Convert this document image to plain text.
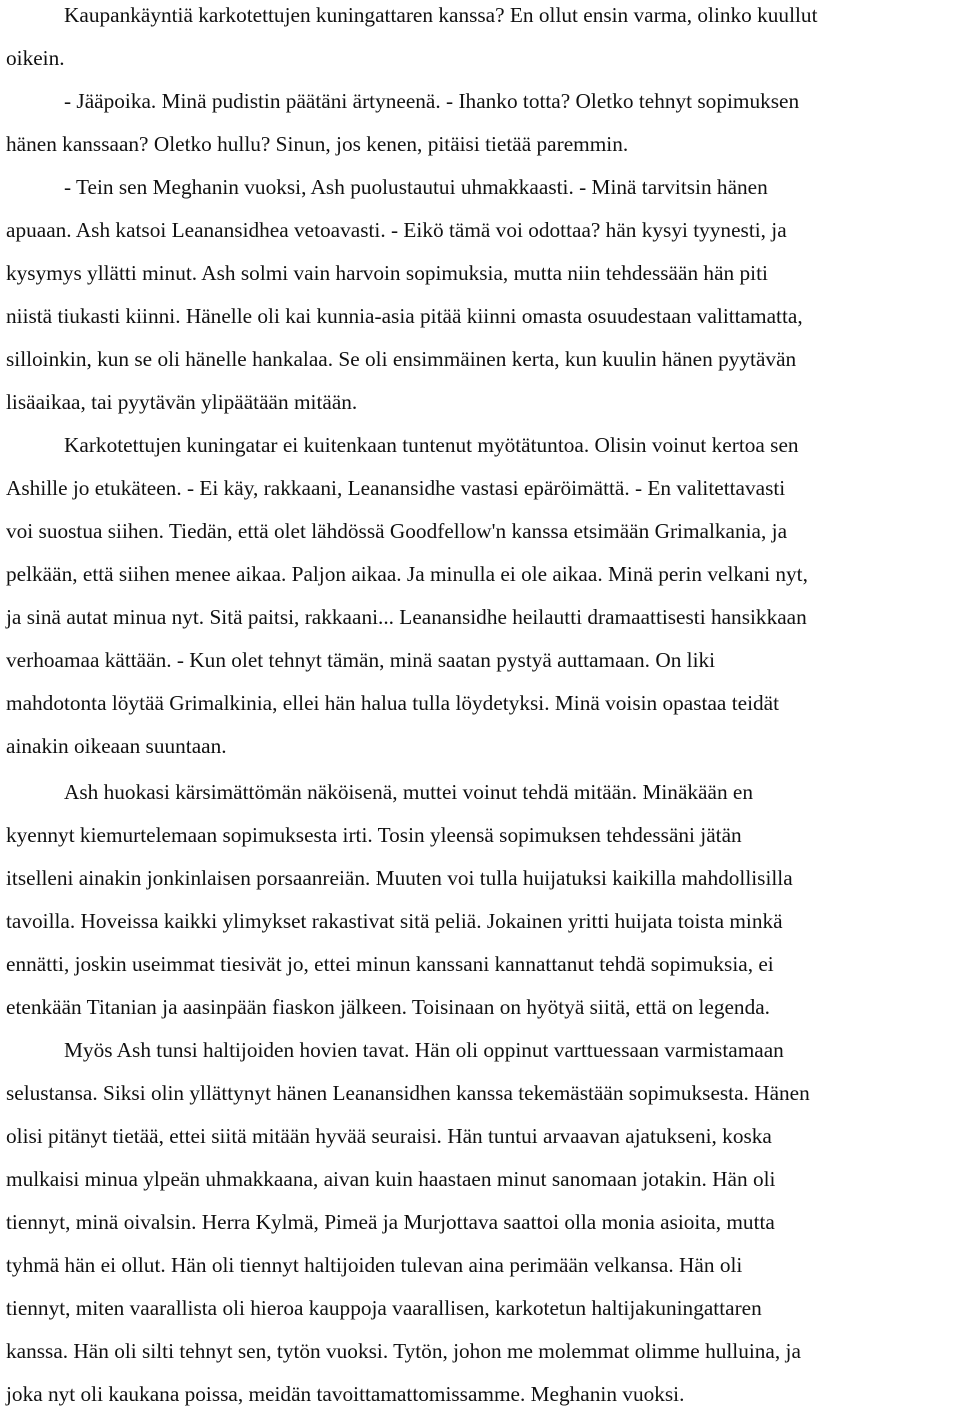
Kaupankäyntiä karkotettujen kuningattaren kanssa? En ollut ensin varma, olinko kuullut
oikein.
- Jääpoika. Minä pudistin päätäni ärtyneenä. - Ihanko totta? Oletko tehnyt sopimuksen
hänen kanssaan? Oletko hullu? Sinun, jos kenen, pitäisi tietää paremmin.
- Tein sen Meghanin vuoksi, Ash puolustautui uhmakkaasti. - Minä tarvitsin hänen
apuaan. Ash katsoi Leanansidhea vetoavasti. - Eikö tämä voi odottaa? hän kysyi tyynesti, ja
kysymys yllätti minut. Ash solmi vain harvoin sopimuksia, mutta niin tehdessään hän piti
niistä tiukasti kiinni. Hänelle oli kai kunnia-asia pitää kiinni omasta osuudestaan valittamatta,
silloinkin, kun se oli hänelle hankalaa. Se oli ensimmäinen kerta, kun kuulin hänen pyytävän
lisäaikaa, tai pyytävän ylipäätään mitään.
Karkotettujen kuningatar ei kuitenkaan tuntenut myötätuntoa. Olisin voinut kertoa sen
Ashille jo etukäteen. - Ei käy, rakkaani, Leanansidhe vastasi epäröimättä. - En valitettavasti
voi suostua siihen. Tiedän, että olet lähdössä Goodfellow'n kanssa etsimään Grimalkania, ja
pelkään, että siihen menee aikaa. Paljon aikaa. Ja minulla ei ole aikaa. Minä perin velkani nyt,
ja sinä autat minua nyt. Sitä paitsi, rakkaani... Leanansidhe heilautti dramaattisesti hansikkaan
verhoamaa kättään. - Kun olet tehnyt tämän, minä saatan pystyä auttamaan. On liki
mahdotonta löytää Grimalkinia, ellei hän halua tulla löydetyksi. Minä voisin opastaa teidät
ainakin oikeaan suuntaan.
Ash huokasi kärsimättömän näköisenä, muttei voinut tehdä mitään. Minäkään en
kyennyt kiemurtelemaan sopimuksesta irti. Tosin yleensä sopimuksen tehdessäni jätän
itselleni ainakin jonkinlaisen porsaanreiän. Muuten voi tulla huijatuksi kaikilla mahdollisilla
tavoilla. Hoveissa kaikki ylimykset rakastivat sitä peliä. Jokainen yritti huijata toista minkä
ennätti, joskin useimmat tiesivät jo, ettei minun kanssani kannattanut tehdä sopimuksia, ei
etenkään Titanian ja aasinpään fiaskon jälkeen. Toisinaan on hyötyä siitä, että on legenda.
Myös Ash tunsi haltijoiden hovien tavat. Hän oli oppinut varttuessaan varmistamaan
selustansa. Siksi olin yllättynyt hänen Leanansidhen kanssa tekemästään sopimuksesta. Hänen
olisi pitänyt tietää, ettei siitä mitään hyvää seuraisi. Hän tuntui arvaavan ajatukseni, koska
mulkaisi minua ylpeän uhmakkaana, aivan kuin haastaen minut sanomaan jotakin. Hän oli
tiennyt, minä oivalsin. Herra Kylmä, Pimeä ja Murjottava saattoi olla monia asioita, mutta
tyhmä hän ei ollut. Hän oli tiennyt haltijoiden tulevan aina perimään velkansa. Hän oli
tiennyt, miten vaarallista oli hieroa kauppoja vaarallisen, karkotetun haltijakuningattaren
kanssa. Hän oli silti tehnyt sen, tytön vuoksi. Tytön, johon me molemmat olimme hulluina, ja
joka nyt oli kaukana poissa, meidän tavoittamattomissamme. Meghanin vuoksi.
